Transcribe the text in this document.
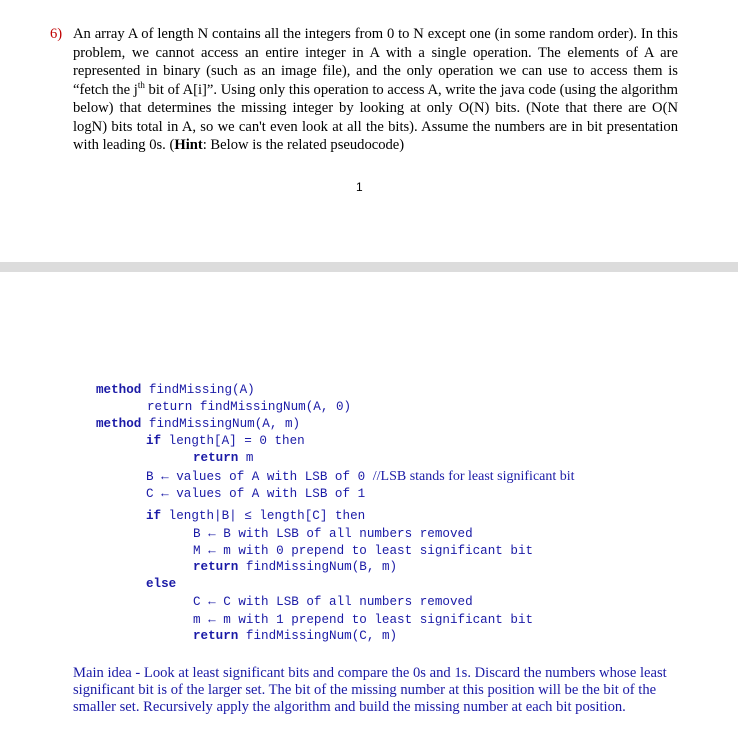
6) An array A of length N contains all the integers from 0 to N except one (in some random order). In this problem, we cannot access an entire integer in A with a single operation. The elements of A are represented in binary (such as an image file), and the only operation we can use to access them is “fetch the $j^{th}$ bit of A[i]”. Using only this operation to access A, write the java code (using the algorithm below) that determines the missing integer by looking at only O(N) bits. (Note that there are O(N logN) bits total in A, so we can't even look at all the bits). Assume the numbers are in bit presentation with leading 0s. (Hint: Below is the related pseudocode)
1

method findMissing(A)

return findMissingNum(A, 0)

method findMissingNum(A, m)

if length[A] = 0 then

return m

B ← values of A with LSB of 0 //LSB stands for least significant bit

C ← values of A with LSB of 1

if length|B| ≤ length[C] then

B ← B with LSB of all numbers removed

M ← m with 0 prepend to least significant bit

return findMissingNum(B, m)

else

C ← C with LSB of all numbers removed

m ← m with 1 prepend to least significant bit

return findMissingNum(C, m)

Main idea - Look at least significant bits and compare the 0s and 1s. Discard the numbers whose least significant bit is of the larger set. The bit of the missing number at this position will be the bit of the smaller set. Recursively apply the algorithm and build the missing number at each bit position.
